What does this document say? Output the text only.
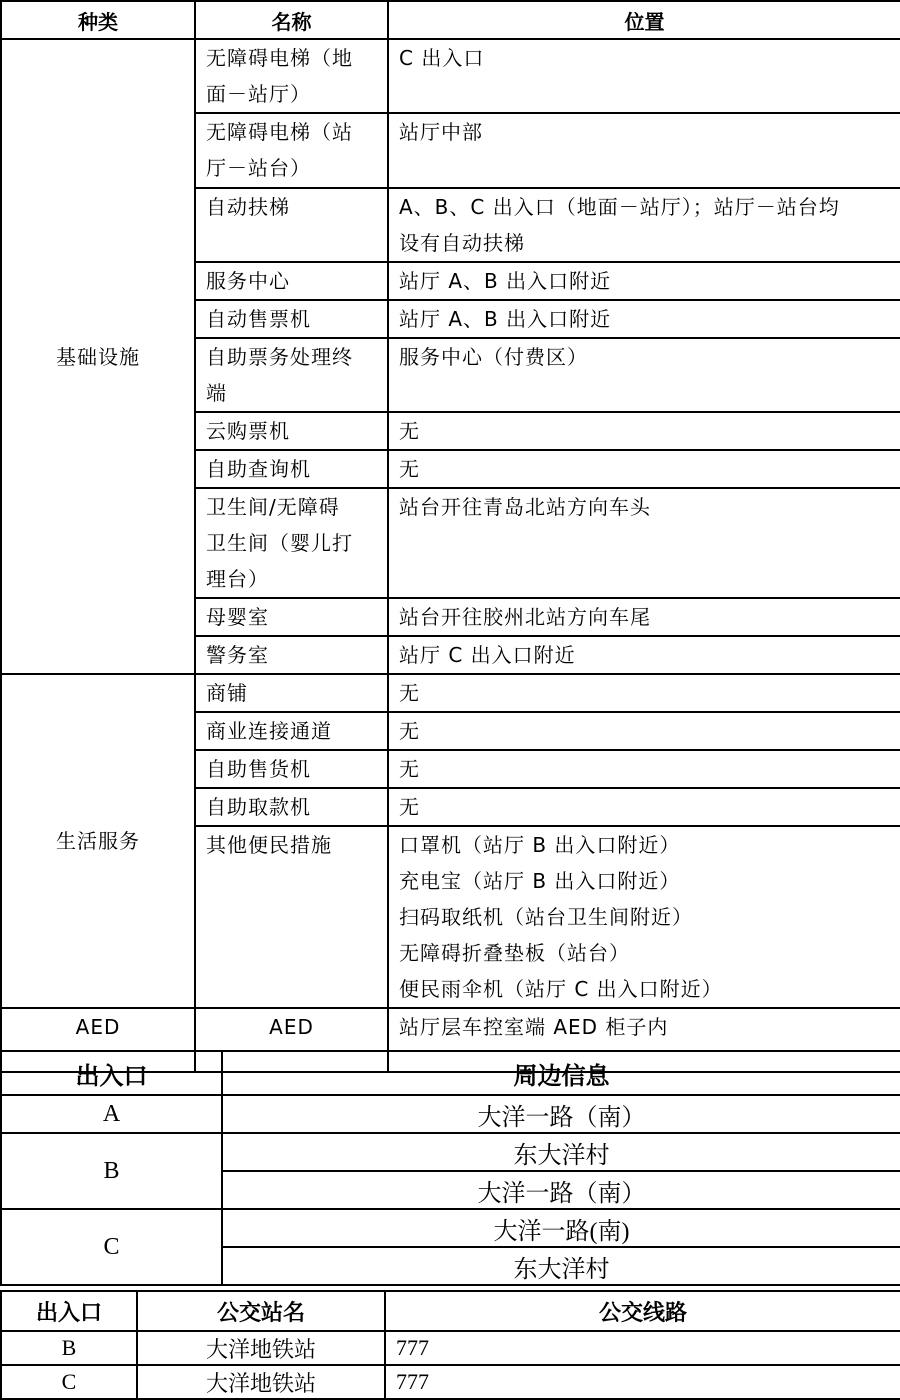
种类	名称	位置
基础设施	无障碍电梯（地
面－站厅）	C 出入口

	无障碍电梯（站
厅－站台）	站厅中部

	自动扶梯	A、B、C 出入口（地面－站厅）；站厅－站台均
设有自动扶梯

	服务中心	站厅 A、B 出入口附近

	自动售票机	站厅 A、B 出入口附近

	自助票务处理终
端	服务中心（付费区）

	云购票机	无

	自助查询机	无

	卫生间/无障碍
卫生间（婴儿打
理台）	站台开往青岛北站方向车头

	母婴室	站台开往胶州北站方向车尾

	警务室	站厅 C 出入口附近

生活服务	商铺	无

	商业连接通道	无

	自助售货机	无

	自助取款机	无

	其他便民措施	口罩机（站厅 B 出入口附近）
充电宝（站厅 B 出入口附近）
扫码取纸机（站台卫生间附近）
无障碍折叠垫板（站台）
便民雨伞机（站厅 C 出入口附近）

AED	AED	站厅层车控室端 AED 柜子内
出入口	周边信息
A	大洋一路（南）
B	东大洋村
	大洋一路（南）
C	大洋一路(南)
	东大洋村
出入口	公交站名	公交线路
B	大洋地铁站	777
C	大洋地铁站	777
